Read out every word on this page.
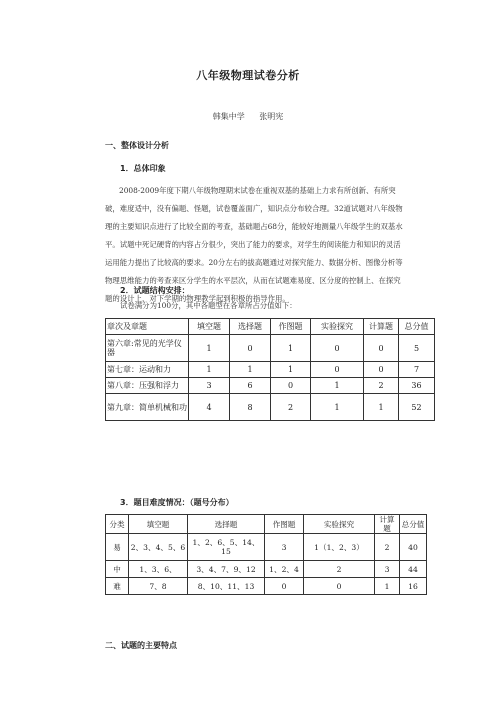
八年级物理试卷分析
韩集中学 张明宪
一、整体设计分析
1．总体印象

2008-2009年度下期八年级物理期末试卷在重视双基的基础上力求有所创新、有所突破，难度适中，没有偏题、怪题，试卷覆盖面广，知识点分布较合理。32道试题对八年级物理的主要知识点进行了比较全面的考查，基础题占68分，能较好地测量八年级学生的双基水平。试题中死记硬背的内容占分很少，突出了能力的要求，对学生的阅读能力和知识的灵活运用能力提出了比较高的要求。20分左右的拔高题通过对探究能力、数据分析、图像分析等物理思维能力的考查来区分学生的水平层次，从而在试题难易度、区分度的控制上、在探究题的设计上，对下学期的物理教学起到积极的指导作用。

2．试题结构安排：
试卷满分为100分，其中各题型在各章所占分值如下：
章次及章题	填空题	选择题	作图题	实验探究	计算题	总分值
第六章:常见的光学仪器	1	0	1	0	0	5
第七章：运动和力	1	1	1	0	0	7
第八章：压强和浮力	3	6	0	1	2	36
第九章：简单机械和功	4	8	2	1	1	52
3．题目难度情况：（题号分布）
分类	填空题	选择题	作图题	实验探究	计算题	总分值
易	2、3、4、5、6	1、2、6、5、14、15	3	1（1、2、3）	2	40
中	1、3、6、	3、4、7、9、12	1、2、4	2	3	44
难	7、8	8、10、11、13	0	0	1	16
二、试题的主要特点
